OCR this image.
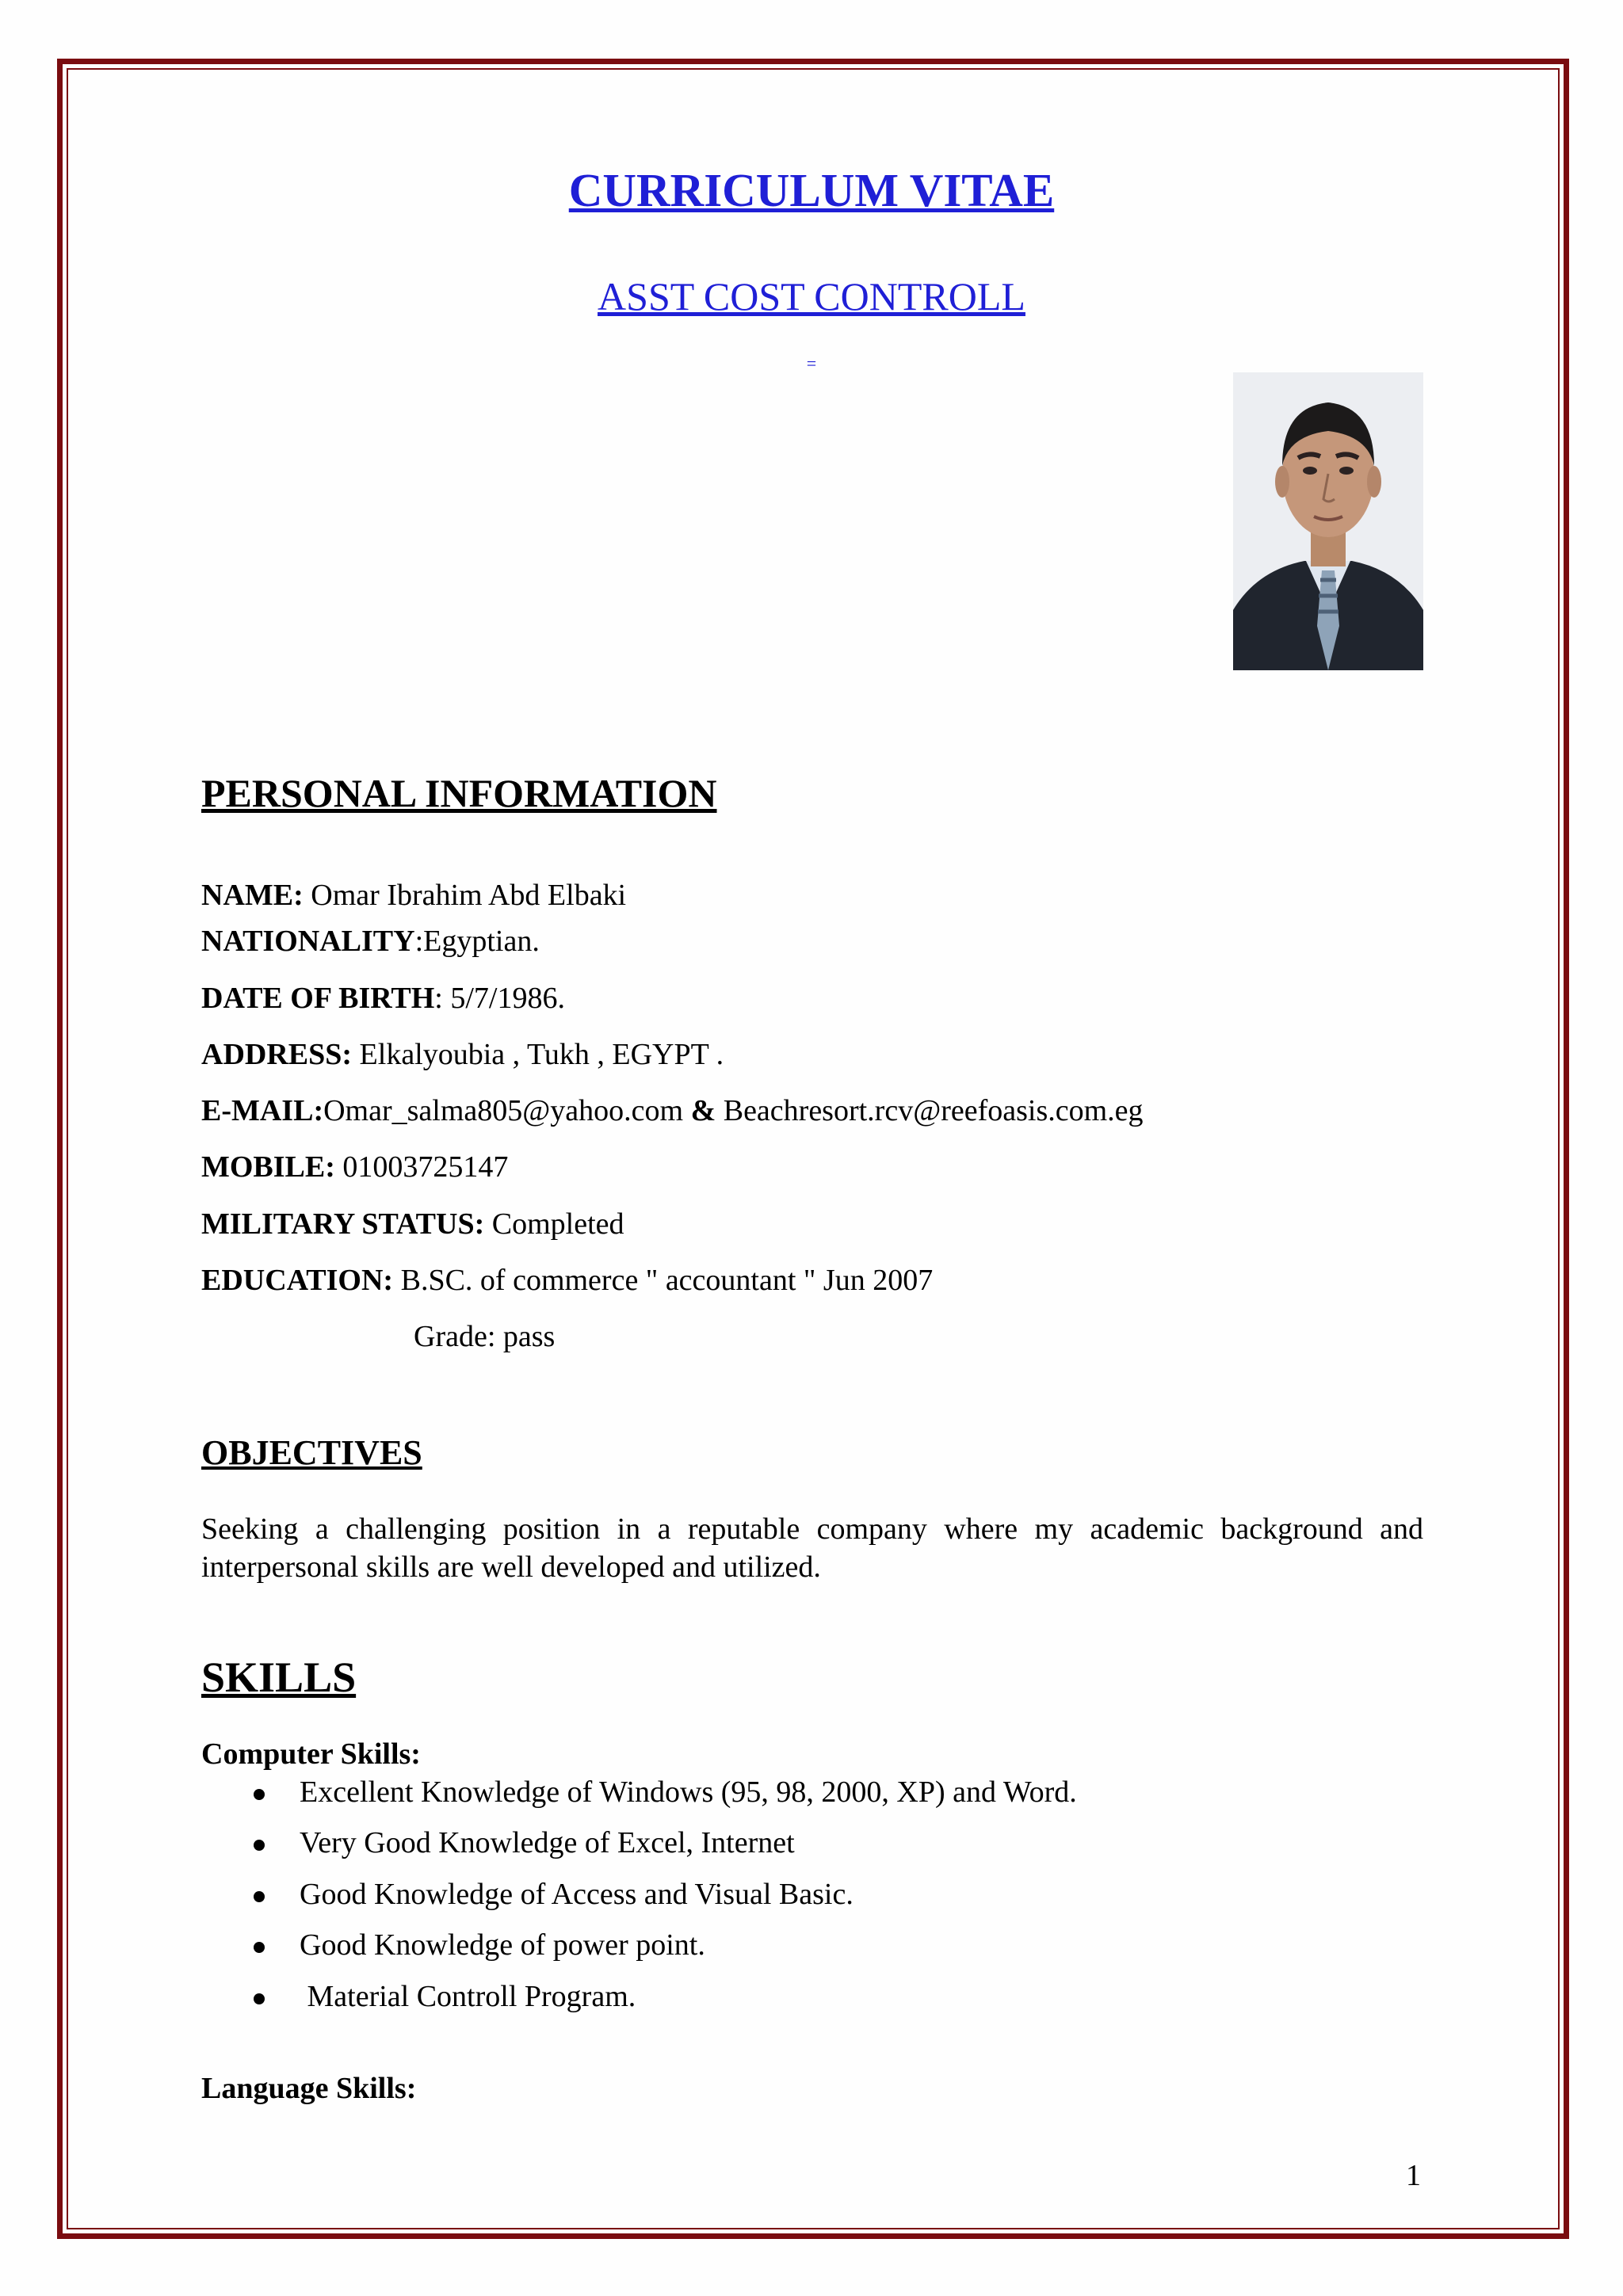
CURRICULUM VITAE
ASST COST CONTROLL
=
PERSONAL INFORMATION
NAME: Omar Ibrahim Abd Elbaki
NATIONALITY:Egyptian.
DATE OF BIRTH: 5/7/1986.
ADDRESS: Elkalyoubia , Tukh , EGYPT .
E-MAIL:Omar_salma805@yahoo.com & Beachresort.rcv@reefoasis.com.eg
MOBILE: 01003725147
MILITARY STATUS: Completed
EDUCATION: B.SC. of commerce " accountant " Jun 2007
Grade: pass
OBJECTIVES
Seeking a challenging position in a reputable company where my academic background and interpersonal skills are well developed and utilized.
SKILLS
Computer Skills:
Excellent Knowledge of Windows (95, 98, 2000, XP) and Word.
Very Good Knowledge of Excel, Internet
Good Knowledge of Access and Visual Basic.
Good Knowledge of power point.
Material Controll Program.
Language Skills:
1
